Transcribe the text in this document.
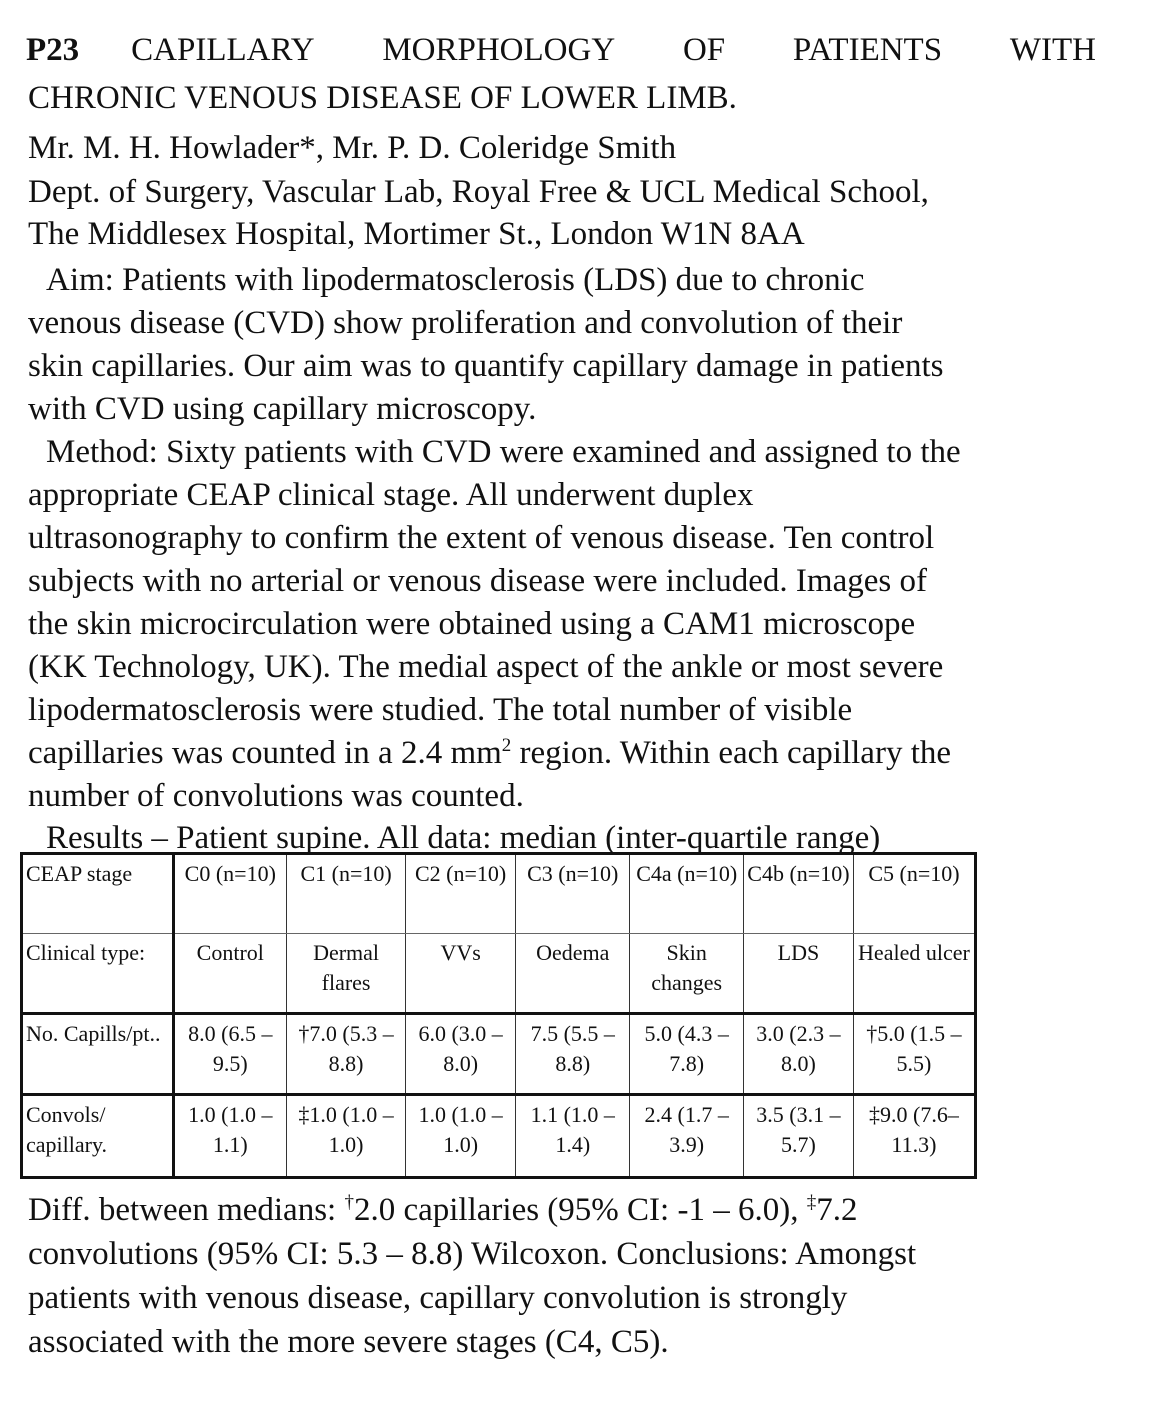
P23 CAPILLARY MORPHOLOGY OF PATIENTS WITH
CHRONIC VENOUS DISEASE OF LOWER LIMB.
Mr. M. H. Howlader*, Mr. P. D. Coleridge Smith
Dept. of Surgery, Vascular Lab, Royal Free & UCL Medical School,
The Middlesex Hospital, Mortimer St., London W1N 8AA
Aim: Patients with lipodermatosclerosis (LDS) due to chronic
venous disease (CVD) show proliferation and convolution of their
skin capillaries. Our aim was to quantify capillary damage in patients
with CVD using capillary microscopy.
Method: Sixty patients with CVD were examined and assigned to the
appropriate CEAP clinical stage. All underwent duplex
ultrasonography to confirm the extent of venous disease. Ten control
subjects with no arterial or venous disease were included. Images of
the skin microcirculation were obtained using a CAM1 microscope
(KK Technology, UK). The medial aspect of the ankle or most severe
lipodermatosclerosis were studied. The total number of visible
capillaries was counted in a 2.4 $mm^2$ region. Within each capillary the
number of convolutions was counted.
Results – Patient supine. All data: median (inter-quartile range)
CEAP stage	C0 (n=10)	C1 (n=10)	C2 (n=10)	C3 (n=10)	C4a (n=10)	C4b (n=10)	C5 (n=10)
Clinical type:	Control	Dermal flares	VVs	Oedema	Skin changes	LDS	Healed ulcer
No. Capills/pt..	8.0 (6.5 – 9.5)	†7.0 (5.3 – 8.8)	6.0 (3.0 – 8.0)	7.5 (5.5 – 8.8)	5.0 (4.3 – 7.8)	3.0 (2.3 – 8.0)	†5.0 (1.5 – 5.5)
Convols/ capillary.	1.0 (1.0 – 1.1)	‡1.0 (1.0 – 1.0)	1.0 (1.0 – 1.0)	1.1 (1.0 – 1.4)	2.4 (1.7 – 3.9)	3.5 (3.1 – 5.7)	‡9.0 (7.6– 11.3)
Diff. between medians: †2.0 capillaries (95% CI: -1 – 6.0), ‡7.2
convolutions (95% CI: 5.3 – 8.8) Wilcoxon. Conclusions: Amongst
patients with venous disease, capillary convolution is strongly
associated with the more severe stages (C4, C5).
